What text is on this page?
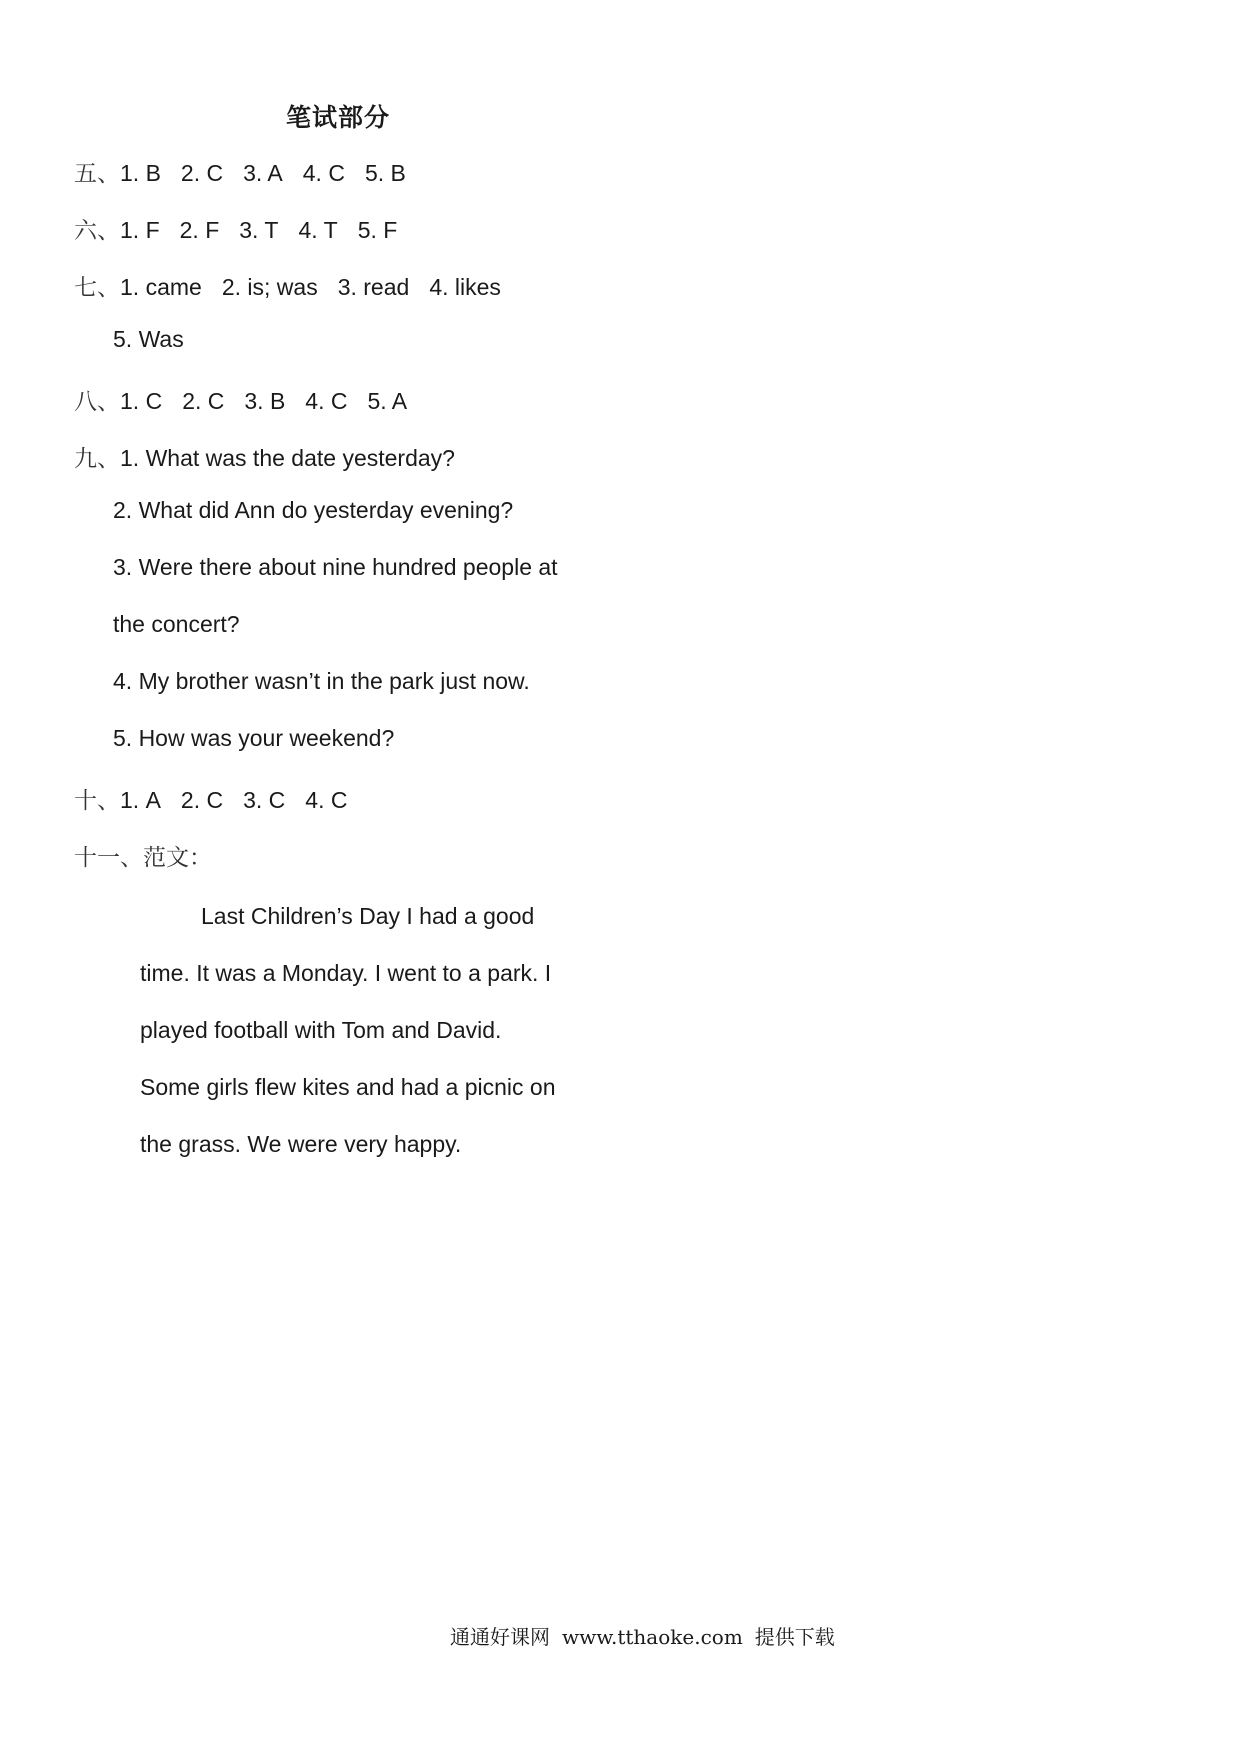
笔试部分
五、1. B 2. C 3. A 4. C 5. B
六、1. F 2. F 3. T 4. T 5. F
七、1. came 2. is; was 3. read 4. likes
5. Was
八、1. C 2. C 3. B 4. C 5. A
九、1. What was the date yesterday?
2. What did Ann do yesterday evening?
3. Were there about nine hundred people at
the concert?
4. My brother wasn’t in the park just now.
5. How was your weekend?
十、1. A 2. C 3. C 4. C
十一、范文：

Last Children’s Day I had a good

time. It was a Monday. I went to a park. I

played football with Tom and David.

Some girls flew kites and had a picnic on

the grass. We were very happy.

通通好课网 www.tthaoke.com 提供下载
